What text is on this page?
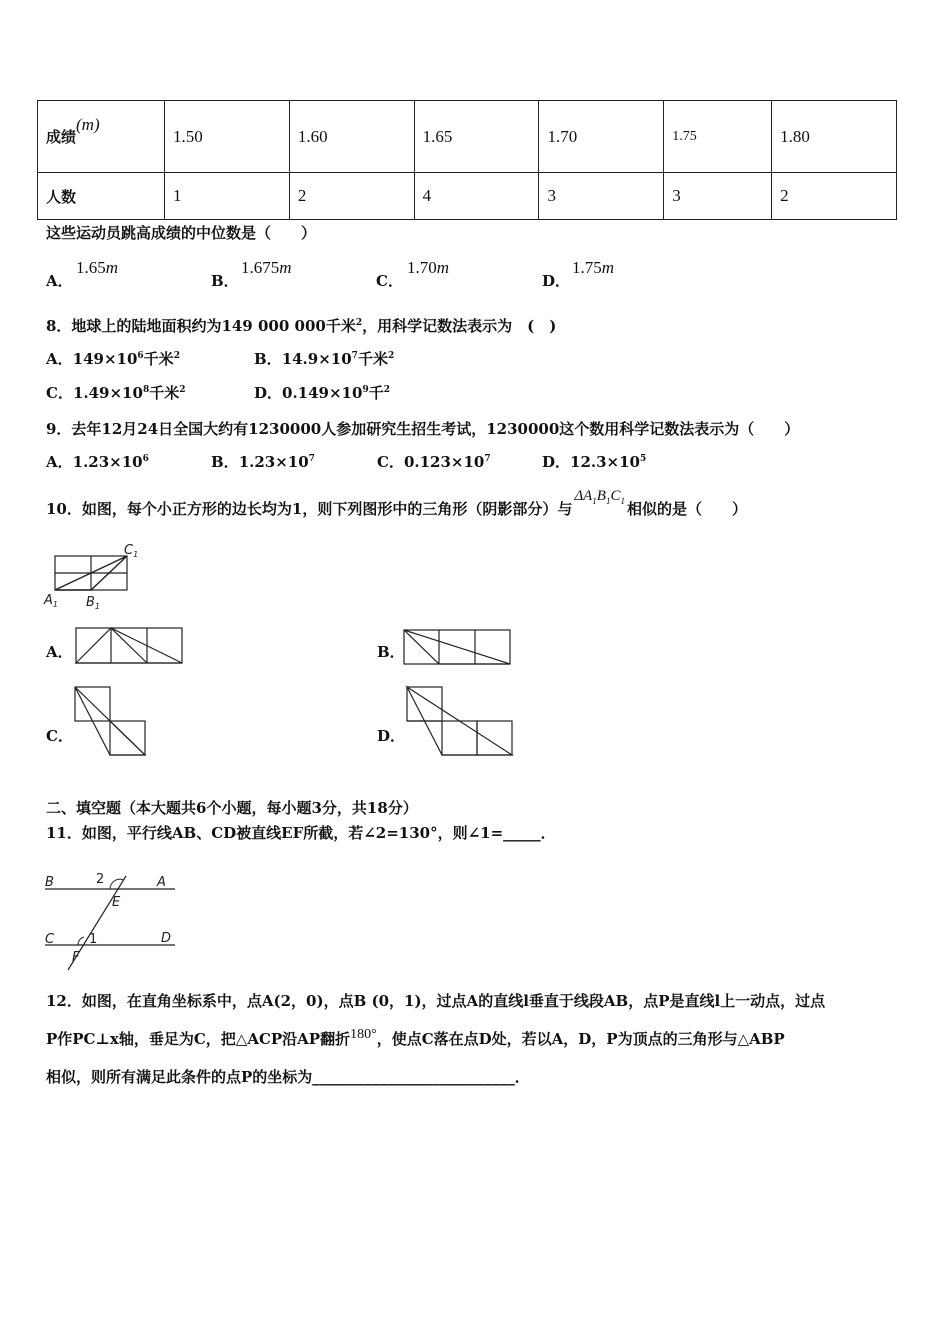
成绩(m)	1.50	1.60	1.65	1.70	1.75	1.80
人数	1	2	4	3	3	2
这些运动员跳高成绩的中位数是（　　）
A．
1.65m
B．
1.675m
C．
1.70m
D．
1.75m
8．地球上的陆地面积约为149 000 000千米$^2$，用科学记数法表示为　(　)
A．$149\times 10^6$千米$^2$	B．$14.9\times 10^7$千米$^2$
C．$1.49\times 10^8$千米$^2$	D．$0.149\times 10^9$千$^2$
9．去年12月24日全国大约有1230000人参加研究生招生考试，1230000这个数用科学记数法表示为（　　）
A．$1.23\times 10^6$	B．$1.23\times 10^7$	C．$0.123\times 10^7$	D．$12.3\times 10^5$
10．如图，每个小正方形的边长均为1，则下列图形中的三角形（阴影部分）与$\Delta A_1B_1C_1$ 相似的是（　　）
$A_1$ $B_1$
$C_1$
A．	B．
C．	D．
二、填空题（本大题共6个小题，每小题3分，共18分）
11．如图，平行线AB、CD被直线EF所截，若∠2=130°，则∠1=_____．
B	2	A
E
C	1	D
F
12．如图，在直角坐标系中，点A(2，0)，点B (0，1)，过点A的直线l垂直于线段AB，点P是直线l上一动点，过点
P作PC⊥x轴，垂足为C，把△ACP沿AP翻折180°，使点C落在点D处，若以A，D，P为顶点的三角形与△ABP
相似，则所有满足此条件的点P的坐标为___________________________．
